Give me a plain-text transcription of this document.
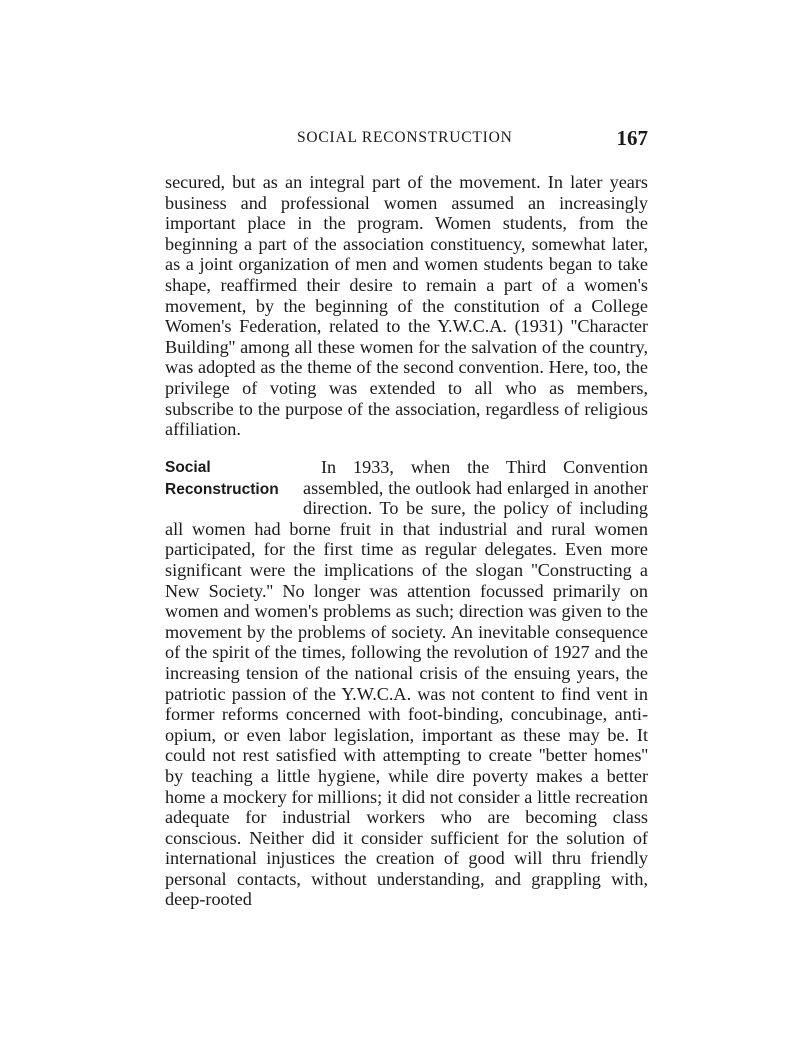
SOCIAL RECONSTRUCTION	167

secured, but as an integral part of the movement. In later years business and professional women assumed an increasingly important place in the program. Women students, from the beginning a part of the association constituency, somewhat later, as a joint organization of men and women students began to take shape, reaffirmed their desire to remain a part of a women's movement, by the beginning of the constitution of a College Women's Federation, related to the Y.W.C.A. (1931) ''Character Building'' among all these women for the salvation of the country, was adopted as the theme of the second convention. Here, too, the privilege of voting was extended to all who as members, subscribe to the purpose of the association, regardless of religious affiliation.

Social
Reconstruction

In 1933, when the Third Convention assembled, the outlook had enlarged in another direction. To be sure, the policy of including all women had borne fruit in that industrial and rural women participated, for the first time as regular delegates. Even more significant were the implications of the slogan ''Constructing a New Society.'' No longer was attention focussed primarily on women and women's problems as such; direction was given to the movement by the problems of society. An inevitable consequence of the spirit of the times, following the revolution of 1927 and the increasing tension of the national crisis of the ensuing years, the patriotic passion of the Y.W.C.A. was not content to find vent in former reforms concerned with foot-binding, concubinage, anti-opium, or even labor legislation, important as these may be. It could not rest satisfied with attempting to create ''better homes'' by teaching a little hygiene, while dire poverty makes a better home a mockery for millions; it did not consider a little recreation adequate for industrial workers who are becoming class conscious. Neither did it consider sufficient for the solution of international injustices the creation of good will thru friendly personal contacts, without understanding, and grappling with, deep-rooted
